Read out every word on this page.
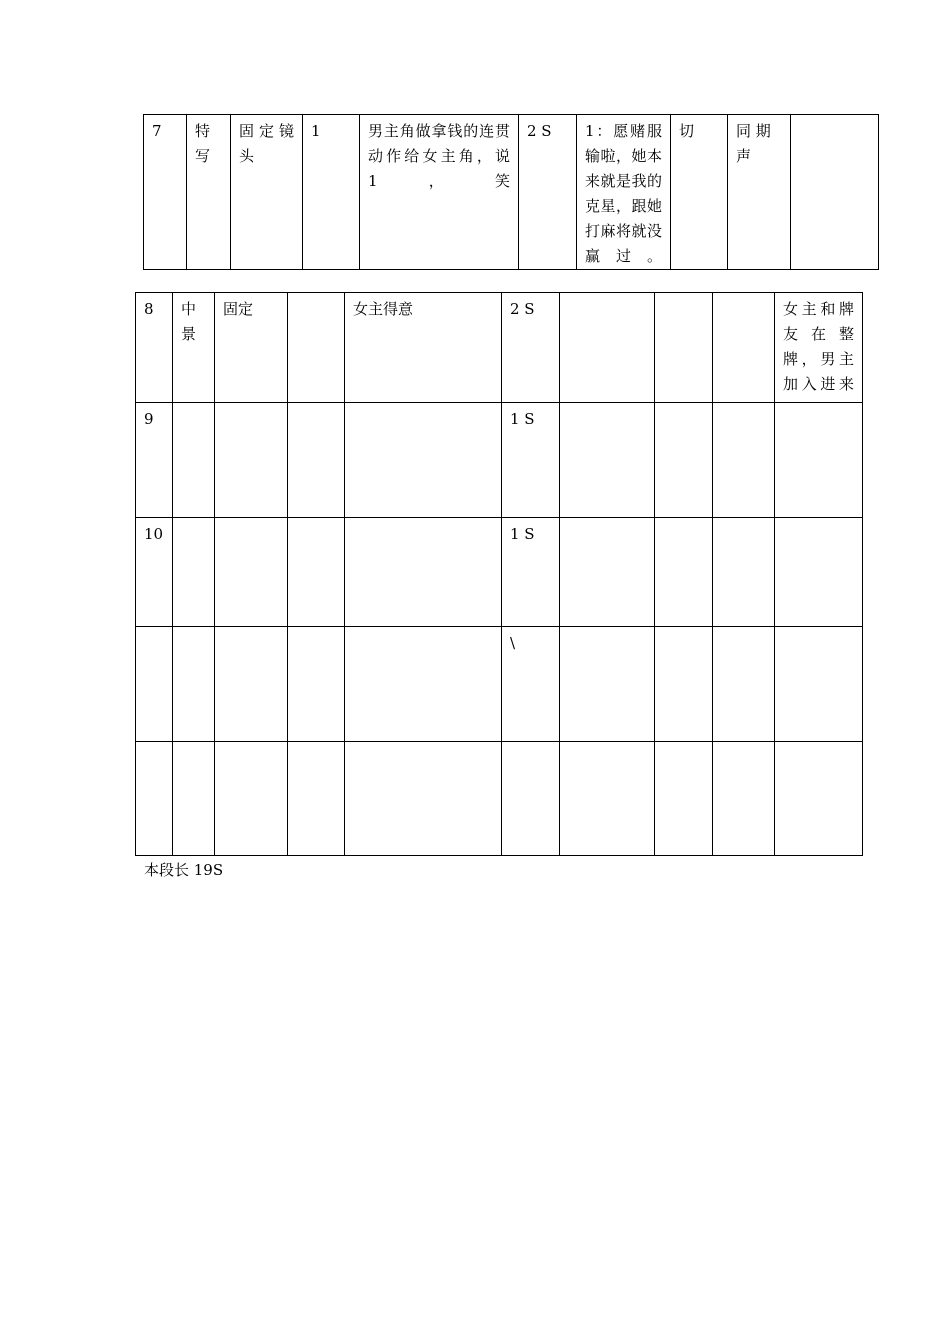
7	特写	固定镜头	1	男主角做拿钱的连贯动作给女主角，说 1，笑	2 S	1：愿赌服输啦，她本来就是我的克星，跟她打麻将就没赢过。	切	同 期声	
8	中景	固定		女主得意	2 S				女主和牌友在整牌，男主加入进来
9					1 S				
10					1 S				
					\				

本段长 19S
